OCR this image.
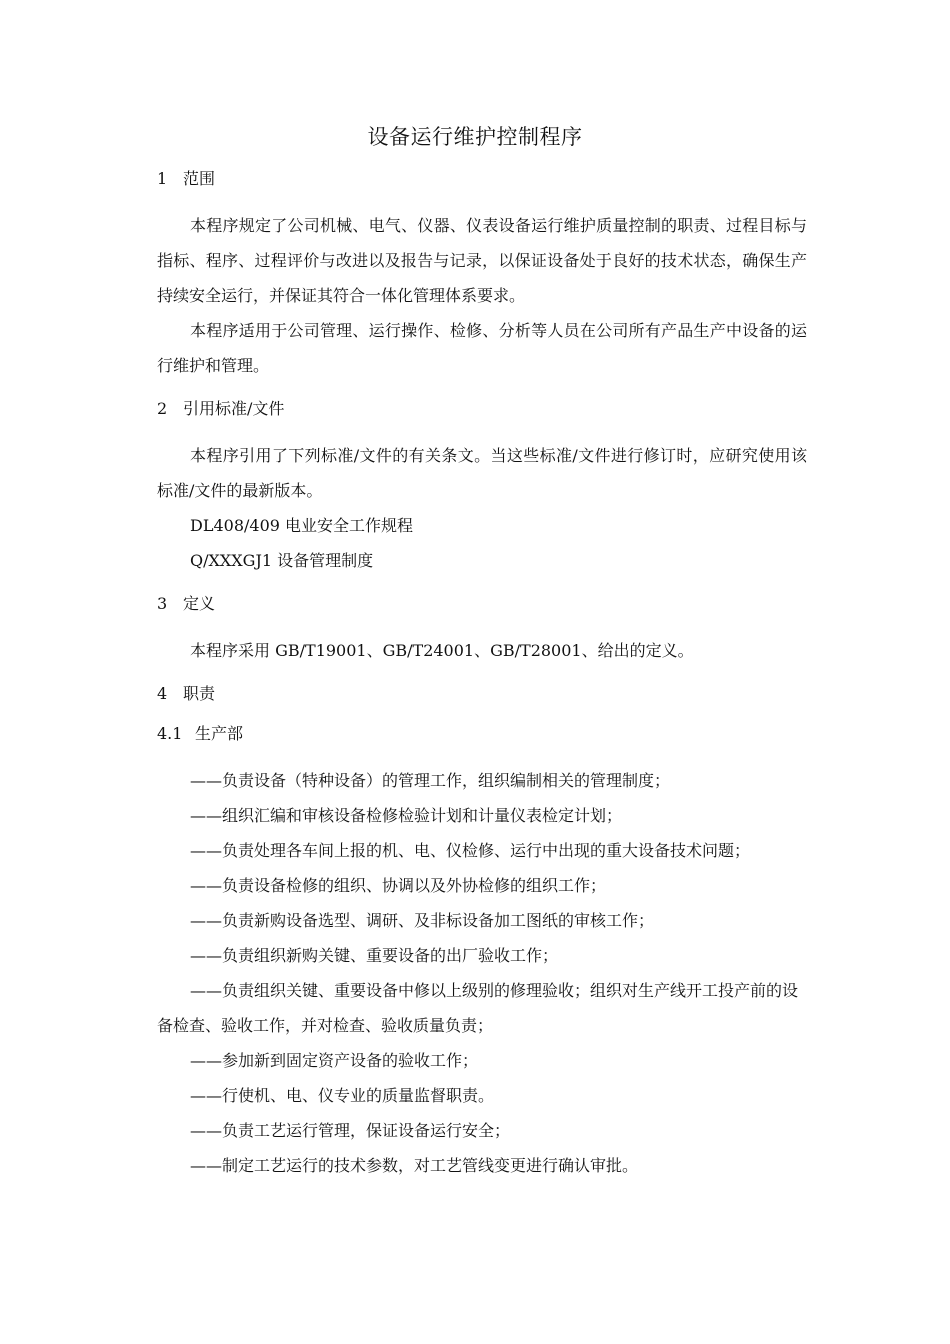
设备运行维护控制程序
1 范围
本程序规定了公司机械、电气、仪器、仪表设备运行维护质量控制的职责、过程目标与指标、程序、过程评价与改进以及报告与记录，以保证设备处于良好的技术状态，确保生产持续安全运行，并保证其符合一体化管理体系要求。
本程序适用于公司管理、运行操作、检修、分析等人员在公司所有产品生产中设备的运行维护和管理。
2 引用标准/文件
本程序引用了下列标准/文件的有关条文。当这些标准/文件进行修订时，应研究使用该标准/文件的最新版本。
DL408/409 电业安全工作规程
Q/XXXGJ1 设备管理制度
3 定义
本程序采用 GB/T19001、GB/T24001、GB/T28001、给出的定义。
4 职责
4.1 生产部
——负责设备（特种设备）的管理工作，组织编制相关的管理制度；
——组织汇编和审核设备检修检验计划和计量仪表检定计划；
——负责处理各车间上报的机、电、仪检修、运行中出现的重大设备技术问题；
——负责设备检修的组织、协调以及外协检修的组织工作；
——负责新购设备选型、调研、及非标设备加工图纸的审核工作；
——负责组织新购关键、重要设备的出厂验收工作；
——负责组织关键、重要设备中修以上级别的修理验收；组织对生产线开工投产前的设备检查、验收工作，并对检查、验收质量负责；
——参加新到固定资产设备的验收工作；
——行使机、电、仪专业的质量监督职责。
——负责工艺运行管理，保证设备运行安全；
——制定工艺运行的技术参数，对工艺管线变更进行确认审批。
